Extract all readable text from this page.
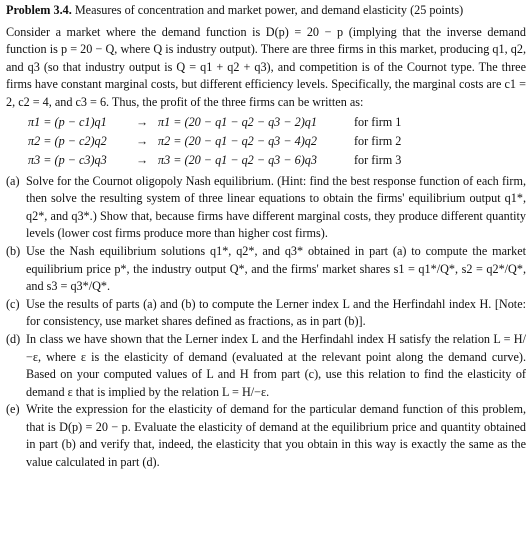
Problem 3.4. Measures of concentration and market power, and demand elasticity (25 points)

Consider a market where the demand function is D(p) = 20 − p (implying that the inverse demand function is p = 20 − Q, where Q is industry output). There are three firms in this market, producing q1, q2, and q3 (so that industry output is Q = q1 + q2 + q3), and competition is of the Cournot type. The three firms have constant marginal costs, but different efficiency levels. Specifically, the marginal costs are c1 = 2, c2 = 4, and c3 = 6. Thus, the profit of the three firms can be written as:

π1 = (p − c1)q1	→ π1 = (20 − q1 − q2 − q3 − 2)q1	for firm 1
π2 = (p − c2)q2	→ π2 = (20 − q1 − q2 − q3 − 4)q2	for firm 2
π3 = (p − c3)q3	→ π3 = (20 − q1 − q2 − q3 − 6)q3	for firm 3
(a) Solve for the Cournot oligopoly Nash equilibrium. (Hint: find the best response function of each firm, then solve the resulting system of three linear equations to obtain the firms' equilibrium output q1*, q2*, and q3*.) Show that, because firms have different marginal costs, they produce different quantity levels (lower cost firms produce more than higher cost firms).
(b) Use the Nash equilibrium solutions q1*, q2*, and q3* obtained in part (a) to compute the market equilibrium price p*, the industry output Q*, and the firms' market shares s1 = q1*/Q*, s2 = q2*/Q*, and s3 = q3*/Q*.
(c) Use the results of parts (a) and (b) to compute the Lerner index L and the Herfindahl index H. [Note: for consistency, use market shares defined as fractions, as in part (b)].
(d) In class we have shown that the Lerner index L and the Herfindahl index H satisfy the relation L = H/−ε, where ε is the elasticity of demand (evaluated at the relevant point along the demand curve). Based on your computed values of L and H from part (c), use this relation to find the elasticity of demand ε that is implied by the relation L = H/−ε.
(e) Write the expression for the elasticity of demand for the particular demand function of this problem, that is D(p) = 20 − p. Evaluate the elasticity of demand at the equilibrium price and quantity obtained in part (b) and verify that, indeed, the elasticity that you obtain in this way is exactly the same as the value calculated in part (d).
